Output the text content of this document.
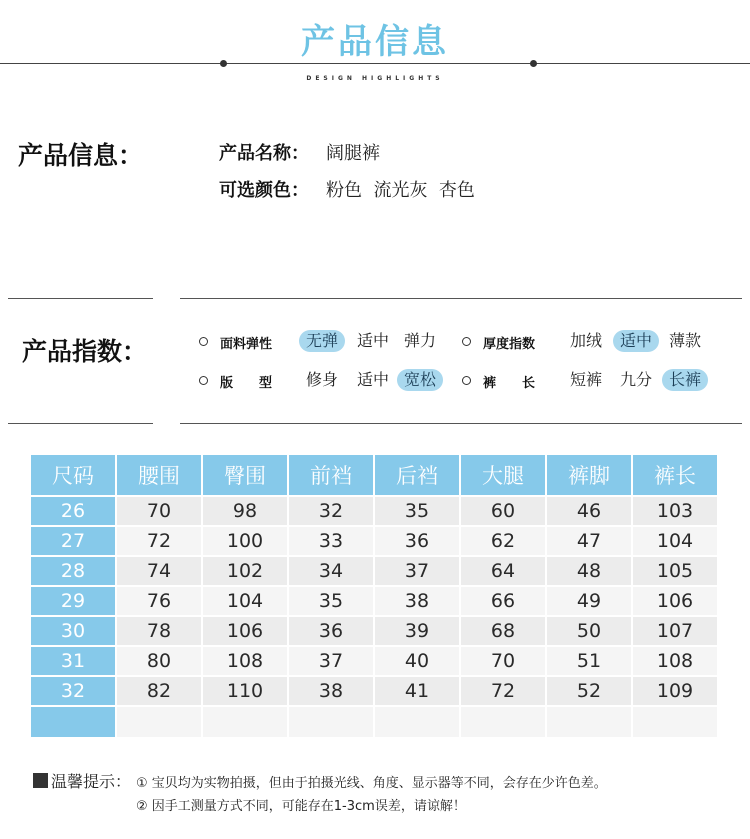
产品信息
DESIGN HIGHLIGHTS
产品信息：	产品名称： 阔腿裤
可选颜色： 粉色  流光灰  杏色
产品指数：	面料弹性	无弹	适中 弹力	厚度指数 加绒	适中	薄款
版　　型 修身 适中 宽松	裤　　长 短裤 九分	长裤
尺码	腰围	臀围	前裆	后裆	大腿	裤脚	裤长
26	70	98	32	35	60	46	103
27	72	100	33	36	62	47	104
28	74	102	34	37	64	48	105
29	76	104	35	38	66	49	106
30	78	106	36	39	68	50	107
31	80	108	37	40	70	51	108
32	82	110	38	41	72	52	109

温馨提示： ① 宝贝均为实物拍摄，但由于拍摄光线、角度、显示器等不同，会存在少许色差。
② 因手工测量方式不同，可能存在1-3cm误差，请谅解！
